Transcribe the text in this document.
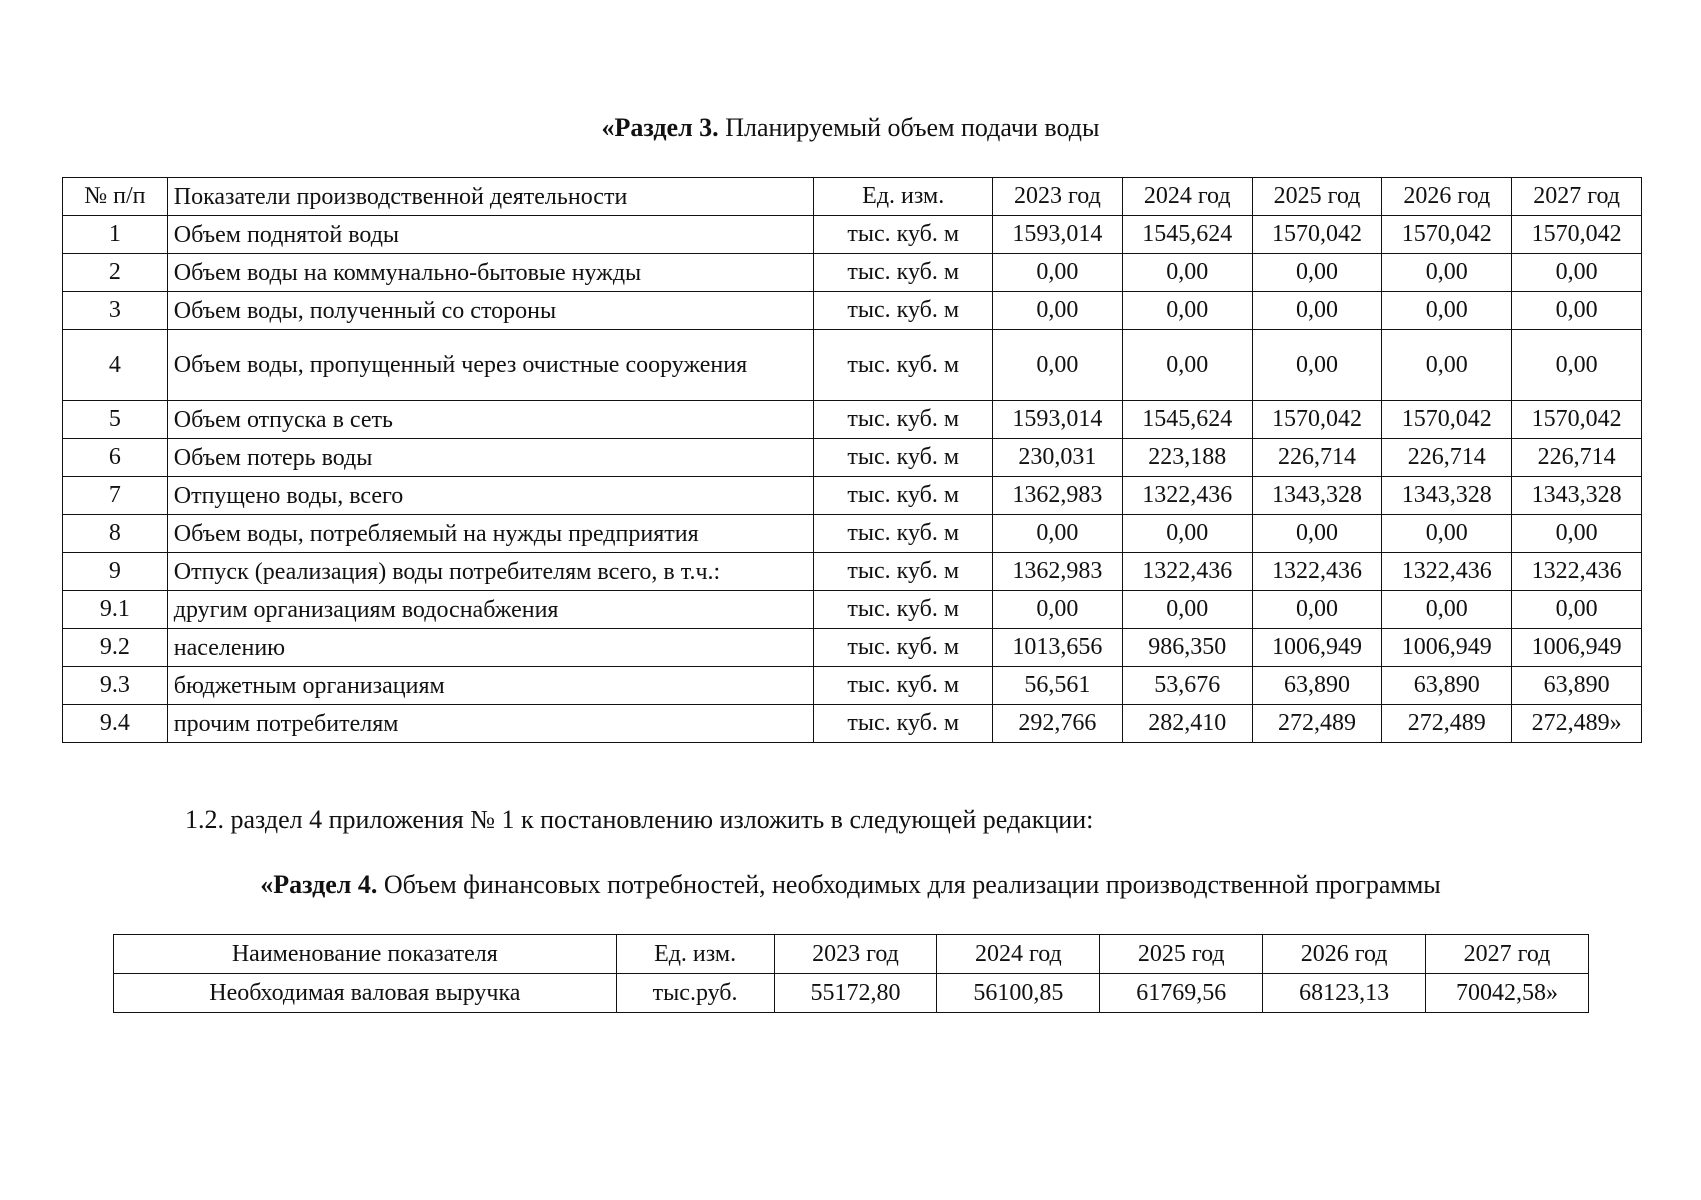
«Раздел 3. Планируемый объем подачи воды
№ п/п	Показатели производственной деятельности	Ед. изм.	2023 год	2024 год	2025 год	2026 год	2027 год
1	Объем поднятой воды	тыс. куб. м	1593,014	1545,624	1570,042	1570,042	1570,042
2	Объем воды на коммунально-бытовые нужды	тыс. куб. м	0,00	0,00	0,00	0,00	0,00
3	Объем воды, полученный со стороны	тыс. куб. м	0,00	0,00	0,00	0,00	0,00
4	Объем воды, пропущенный через очистные сооружения	тыс. куб. м	0,00	0,00	0,00	0,00	0,00
5	Объем отпуска в сеть	тыс. куб. м	1593,014	1545,624	1570,042	1570,042	1570,042
6	Объем потерь воды	тыс. куб. м	230,031	223,188	226,714	226,714	226,714
7	Отпущено воды, всего	тыс. куб. м	1362,983	1322,436	1343,328	1343,328	1343,328
8	Объем воды, потребляемый на нужды предприятия	тыс. куб. м	0,00	0,00	0,00	0,00	0,00
9	Отпуск (реализация) воды потребителям всего, в т.ч.:	тыс. куб. м	1362,983	1322,436	1322,436	1322,436	1322,436
9.1	другим организациям водоснабжения	тыс. куб. м	0,00	0,00	0,00	0,00	0,00
9.2	населению	тыс. куб. м	1013,656	986,350	1006,949	1006,949	1006,949
9.3	бюджетным организациям	тыс. куб. м	56,561	53,676	63,890	63,890	63,890
9.4	прочим потребителям	тыс. куб. м	292,766	282,410	272,489	272,489	272,489»
1.2. раздел 4 приложения № 1 к постановлению изложить в следующей редакции:
«Раздел 4. Объем финансовых потребностей, необходимых для реализации производственной программы
Наименование показателя	Ед. изм.	2023 год	2024 год	2025 год	2026 год	2027 год
Необходимая валовая выручка	тыс.руб.	55172,80	56100,85	61769,56	68123,13	70042,58»
